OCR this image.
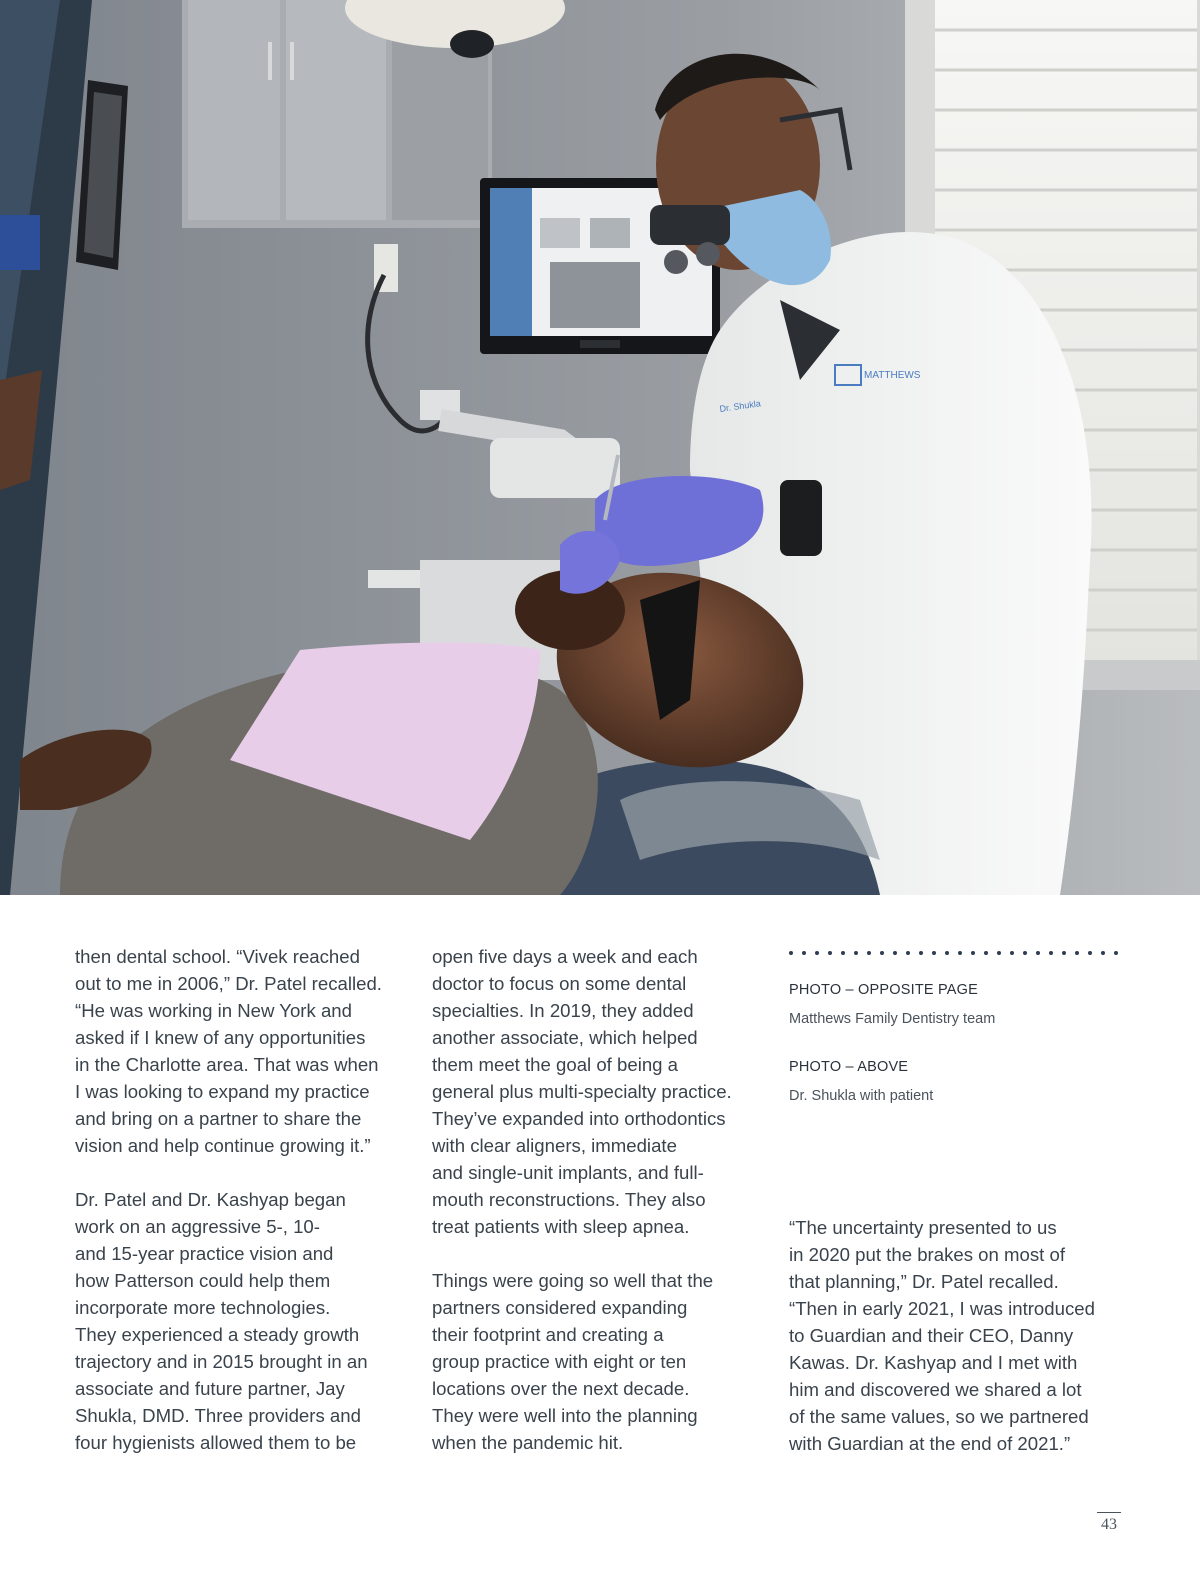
MATTHEWS
Dr. Shukla

then dental school. “Vivek reached
out to me in 2006,” Dr. Patel recalled.
“He was working in New York and
asked if I knew of any opportunities
in the Charlotte area. That was when
I was looking to expand my practice
and bring on a partner to share the
vision and help continue growing it.”

Dr. Patel and Dr. Kashyap began
work on an aggressive 5-, 10-
and 15-year practice vision and
how Patterson could help them
incorporate more technologies.
They experienced a steady growth
trajectory and in 2015 brought in an
associate and future partner, Jay
Shukla, DMD. Three providers and
four hygienists allowed them to be

open five days a week and each
doctor to focus on some dental
specialties. In 2019, they added
another associate, which helped
them meet the goal of being a
general plus multi-specialty practice.
They’ve expanded into orthodontics
with clear aligners, immediate
and single-unit implants, and full-
mouth reconstructions. They also
treat patients with sleep apnea.

Things were going so well that the
partners considered expanding
their footprint and creating a
group practice with eight or ten
locations over the next decade.
They were well into the planning
when the pandemic hit.

PHOTO – OPPOSITE PAGE
Matthews Family Dentistry team
PHOTO – ABOVE
Dr. Shukla with patient
“The uncertainty presented to us
in 2020 put the brakes on most of
that planning,” Dr. Patel recalled.
“Then in early 2021, I was introduced
to Guardian and their CEO, Danny
Kawas. Dr. Kashyap and I met with
him and discovered we shared a lot
of the same values, so we partnered
with Guardian at the end of 2021.”
43
